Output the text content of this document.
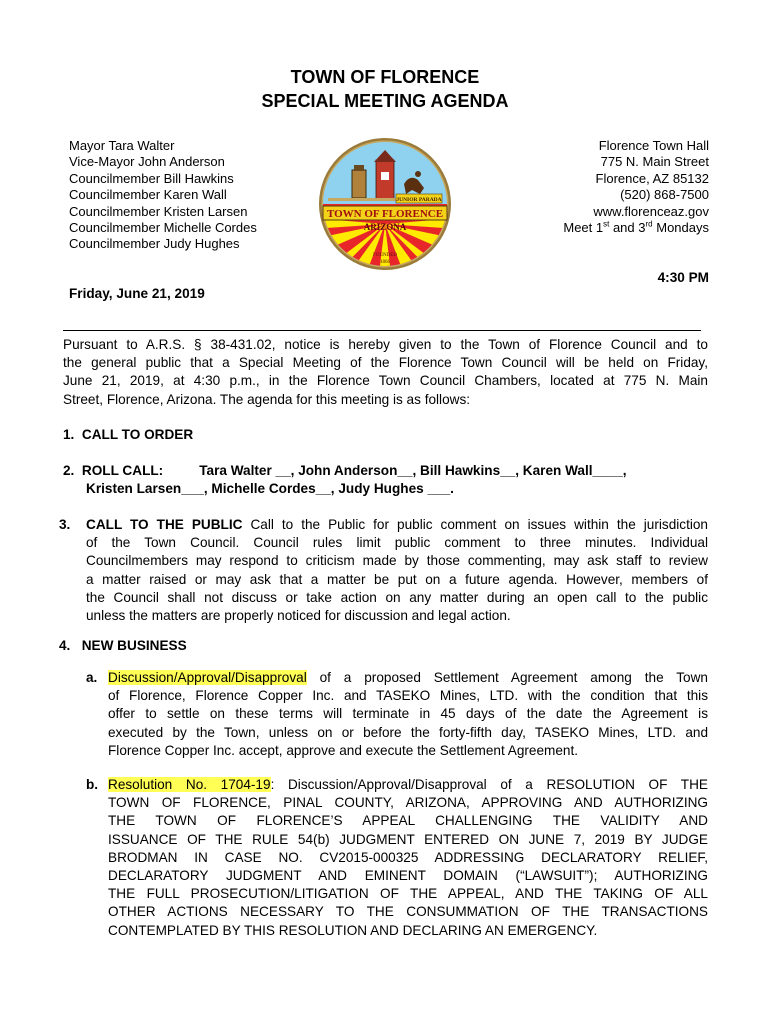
TOWN OF FLORENCE
SPECIAL MEETING AGENDA
Mayor Tara Walter
Vice-Mayor John Anderson
Councilmember Bill Hawkins
Councilmember Karen Wall
Councilmember Kristen Larsen
Councilmember Michelle Cordes
Councilmember Judy Hughes
Florence Town Hall
775 N. Main Street
Florence, AZ 85132
(520) 868-7500
www.florenceaz.gov
Meet 1st and 3rd Mondays
TOWN OF FLORENCE
JUNIOR PARADA
ARIZONA
FOUNDED
1866
4:30 PM
Friday, June 21, 2019
Pursuant to A.R.S. § 38-431.02, notice is hereby given to the Town of Florence Council and to
the general public that a Special Meeting of the Florence Town Council will be held on Friday,
June 21, 2019, at 4:30 p.m., in the Florence Town Council Chambers, located at 775 N. Main
Street, Florence, Arizona. The agenda for this meeting is as follows:
1. CALL TO ORDER
2. ROLL CALL:	Tara Walter __, John Anderson__, Bill Hawkins__, Karen Wall____,
Kristen Larsen___, Michelle Cordes__, Judy Hughes ___.
3. CALL TO THE PUBLIC Call to the Public for public comment on issues within the jurisdiction
of the Town Council. Council rules limit public comment to three minutes. Individual
Councilmembers may respond to criticism made by those commenting, may ask staff to review
a matter raised or may ask that a matter be put on a future agenda. However, members of
the Council shall not discuss or take action on any matter during an open call to the public
unless the matters are properly noticed for discussion and legal action.
4. NEW BUSINESS
a. Discussion/Approval/Disapproval of a proposed Settlement Agreement among the Town
of Florence, Florence Copper Inc. and TASEKO Mines, LTD. with the condition that this
offer to settle on these terms will terminate in 45 days of the date the Agreement is
executed by the Town, unless on or before the forty-fifth day, TASEKO Mines, LTD. and
Florence Copper Inc. accept, approve and execute the Settlement Agreement.
b. Resolution No. 1704-19: Discussion/Approval/Disapproval of a RESOLUTION OF THE
TOWN OF FLORENCE, PINAL COUNTY, ARIZONA, APPROVING AND AUTHORIZING
THE TOWN OF FLORENCE’S APPEAL CHALLENGING THE VALIDITY AND
ISSUANCE OF THE RULE 54(b) JUDGMENT ENTERED ON JUNE 7, 2019 BY JUDGE
BRODMAN IN CASE NO. CV2015-000325 ADDRESSING DECLARATORY RELIEF,
DECLARATORY JUDGMENT AND EMINENT DOMAIN (“LAWSUIT”); AUTHORIZING
THE FULL PROSECUTION/LITIGATION OF THE APPEAL, AND THE TAKING OF ALL
OTHER ACTIONS NECESSARY TO THE CONSUMMATION OF THE TRANSACTIONS
CONTEMPLATED BY THIS RESOLUTION AND DECLARING AN EMERGENCY.
